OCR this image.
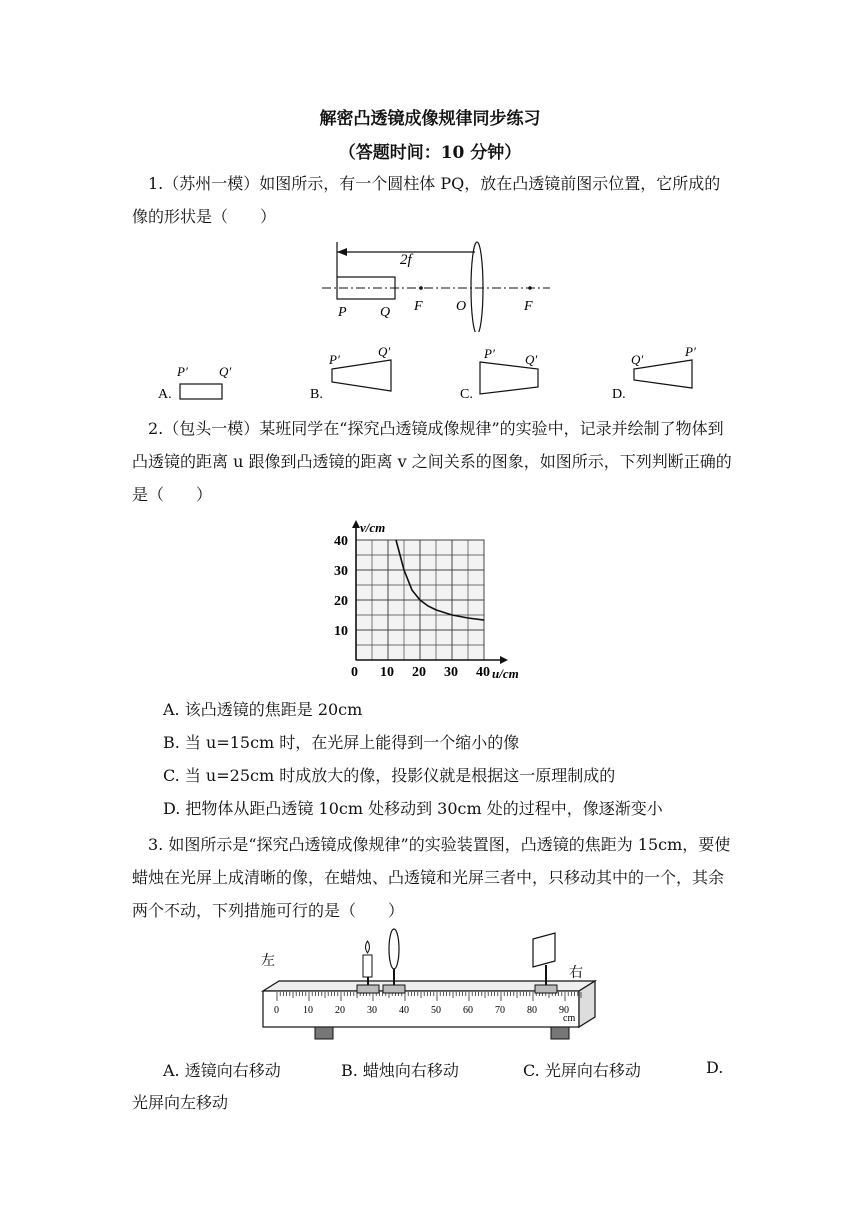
解密凸透镜成像规律同步练习
（答题时间：10 分钟）
1.（苏州一模）如图所示，有一个圆柱体 PQ，放在凸透镜前图示位置，它所成的像的形状是（　　）
2f
P Q F O	F
A.
P′ Q′
B.
P′
Q′
C.
P′ Q′
D.
Q′
P′
2.（包头一模）某班同学在“探究凸透镜成像规律”的实验中，记录并绘制了物体到凸透镜的距离 u 跟像到凸透镜的距离 v 之间关系的图象，如图所示，下列判断正确的是（　　）
0 10 20 30 40
10
20
30
40
v/cm
u/cm
A. 该凸透镜的焦距是 20cm
B. 当 u=15cm 时，在光屏上能得到一个缩小的像
C. 当 u=25cm 时成放大的像，投影仪就是根据这一原理制成的
D. 把物体从距凸透镜 10cm 处移动到 30cm 处的过程中，像逐渐变小
3. 如图所示是“探究凸透镜成像规律”的实验装置图，凸透镜的焦距为 15cm，要使蜡烛在光屏上成清晰的像，在蜡烛、凸透镜和光屏三者中，只移动其中的一个，其余两个不动，下列措施可行的是（　　）
左
右
0 10 20 30 40 50 60 70 80 90
cm
A. 透镜向右移动	B. 蜡烛向右移动	C. 光屏向右移动	D.
光屏向左移动
